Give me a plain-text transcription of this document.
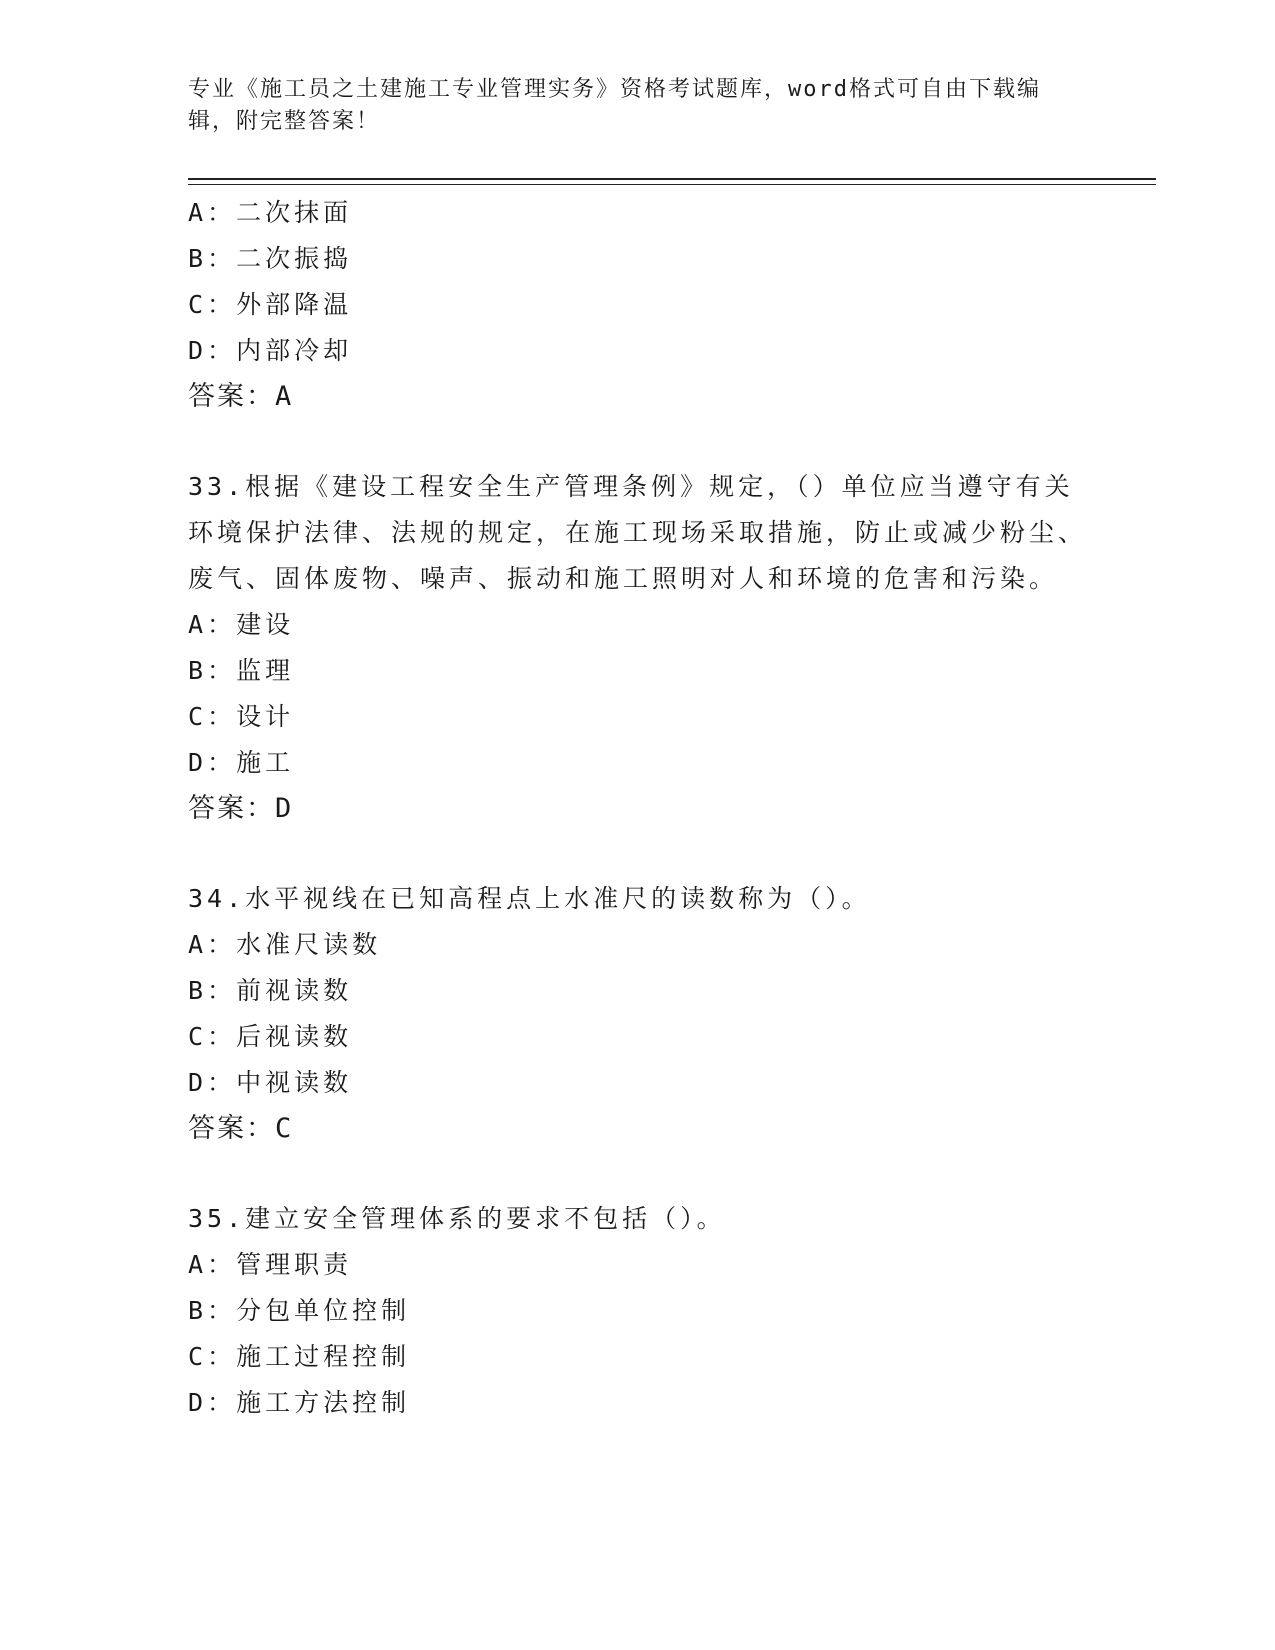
专业《施工员之土建施工专业管理实务》资格考试题库，word格式可自由下载编辑，附完整答案！
A：二次抹面
B：二次振捣
C：外部降温
D：内部冷却
答案：A
33.根据《建设工程安全生产管理条例》规定，（）单位应当遵守有关环境保护法律、法规的规定，在施工现场采取措施，防止或减少粉尘、废气、固体废物、噪声、振动和施工照明对人和环境的危害和污染。
A：建设
B：监理
C：设计
D：施工
答案：D
34.水平视线在已知高程点上水准尺的读数称为（）。
A：水准尺读数
B：前视读数
C：后视读数
D：中视读数
答案：C
35.建立安全管理体系的要求不包括（）。
A：管理职责
B：分包单位控制
C：施工过程控制
D：施工方法控制
